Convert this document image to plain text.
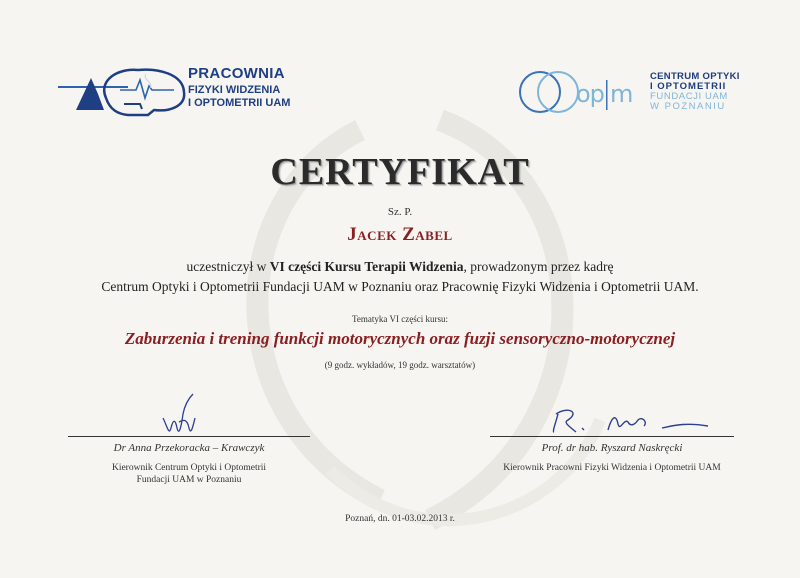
PRACOWNIA
FIZYKI WIDZENIA
I OPTOMETRII UAM	op m
CENTRUM OPTYKI
I OPTOMETRII
FUNDACJI UAM
W POZNANIU
CERTYFIKAT
Sz. P.
Jacek Zabel
uczestniczył w VI części Kursu Terapii Widzenia, prowadzonym przez kadrę
Centrum Optyki i Optometrii Fundacji UAM w Poznaniu oraz Pracownię Fizyki Widzenia i Optometrii UAM.
Tematyka VI części kursu:
Zaburzenia i trening funkcji motorycznych oraz fuzji sensoryczno-motorycznej
(9 godz. wykładów, 19 godz. warsztatów)
Dr Anna Przekoracka – Krawczyk
Kierownik Centrum Optyki i Optometrii
Fundacji UAM w Poznaniu
Prof. dr hab. Ryszard Naskręcki
Kierownik Pracowni Fizyki Widzenia i Optometrii UAM
Poznań, dn. 01-03.02.2013 r.
